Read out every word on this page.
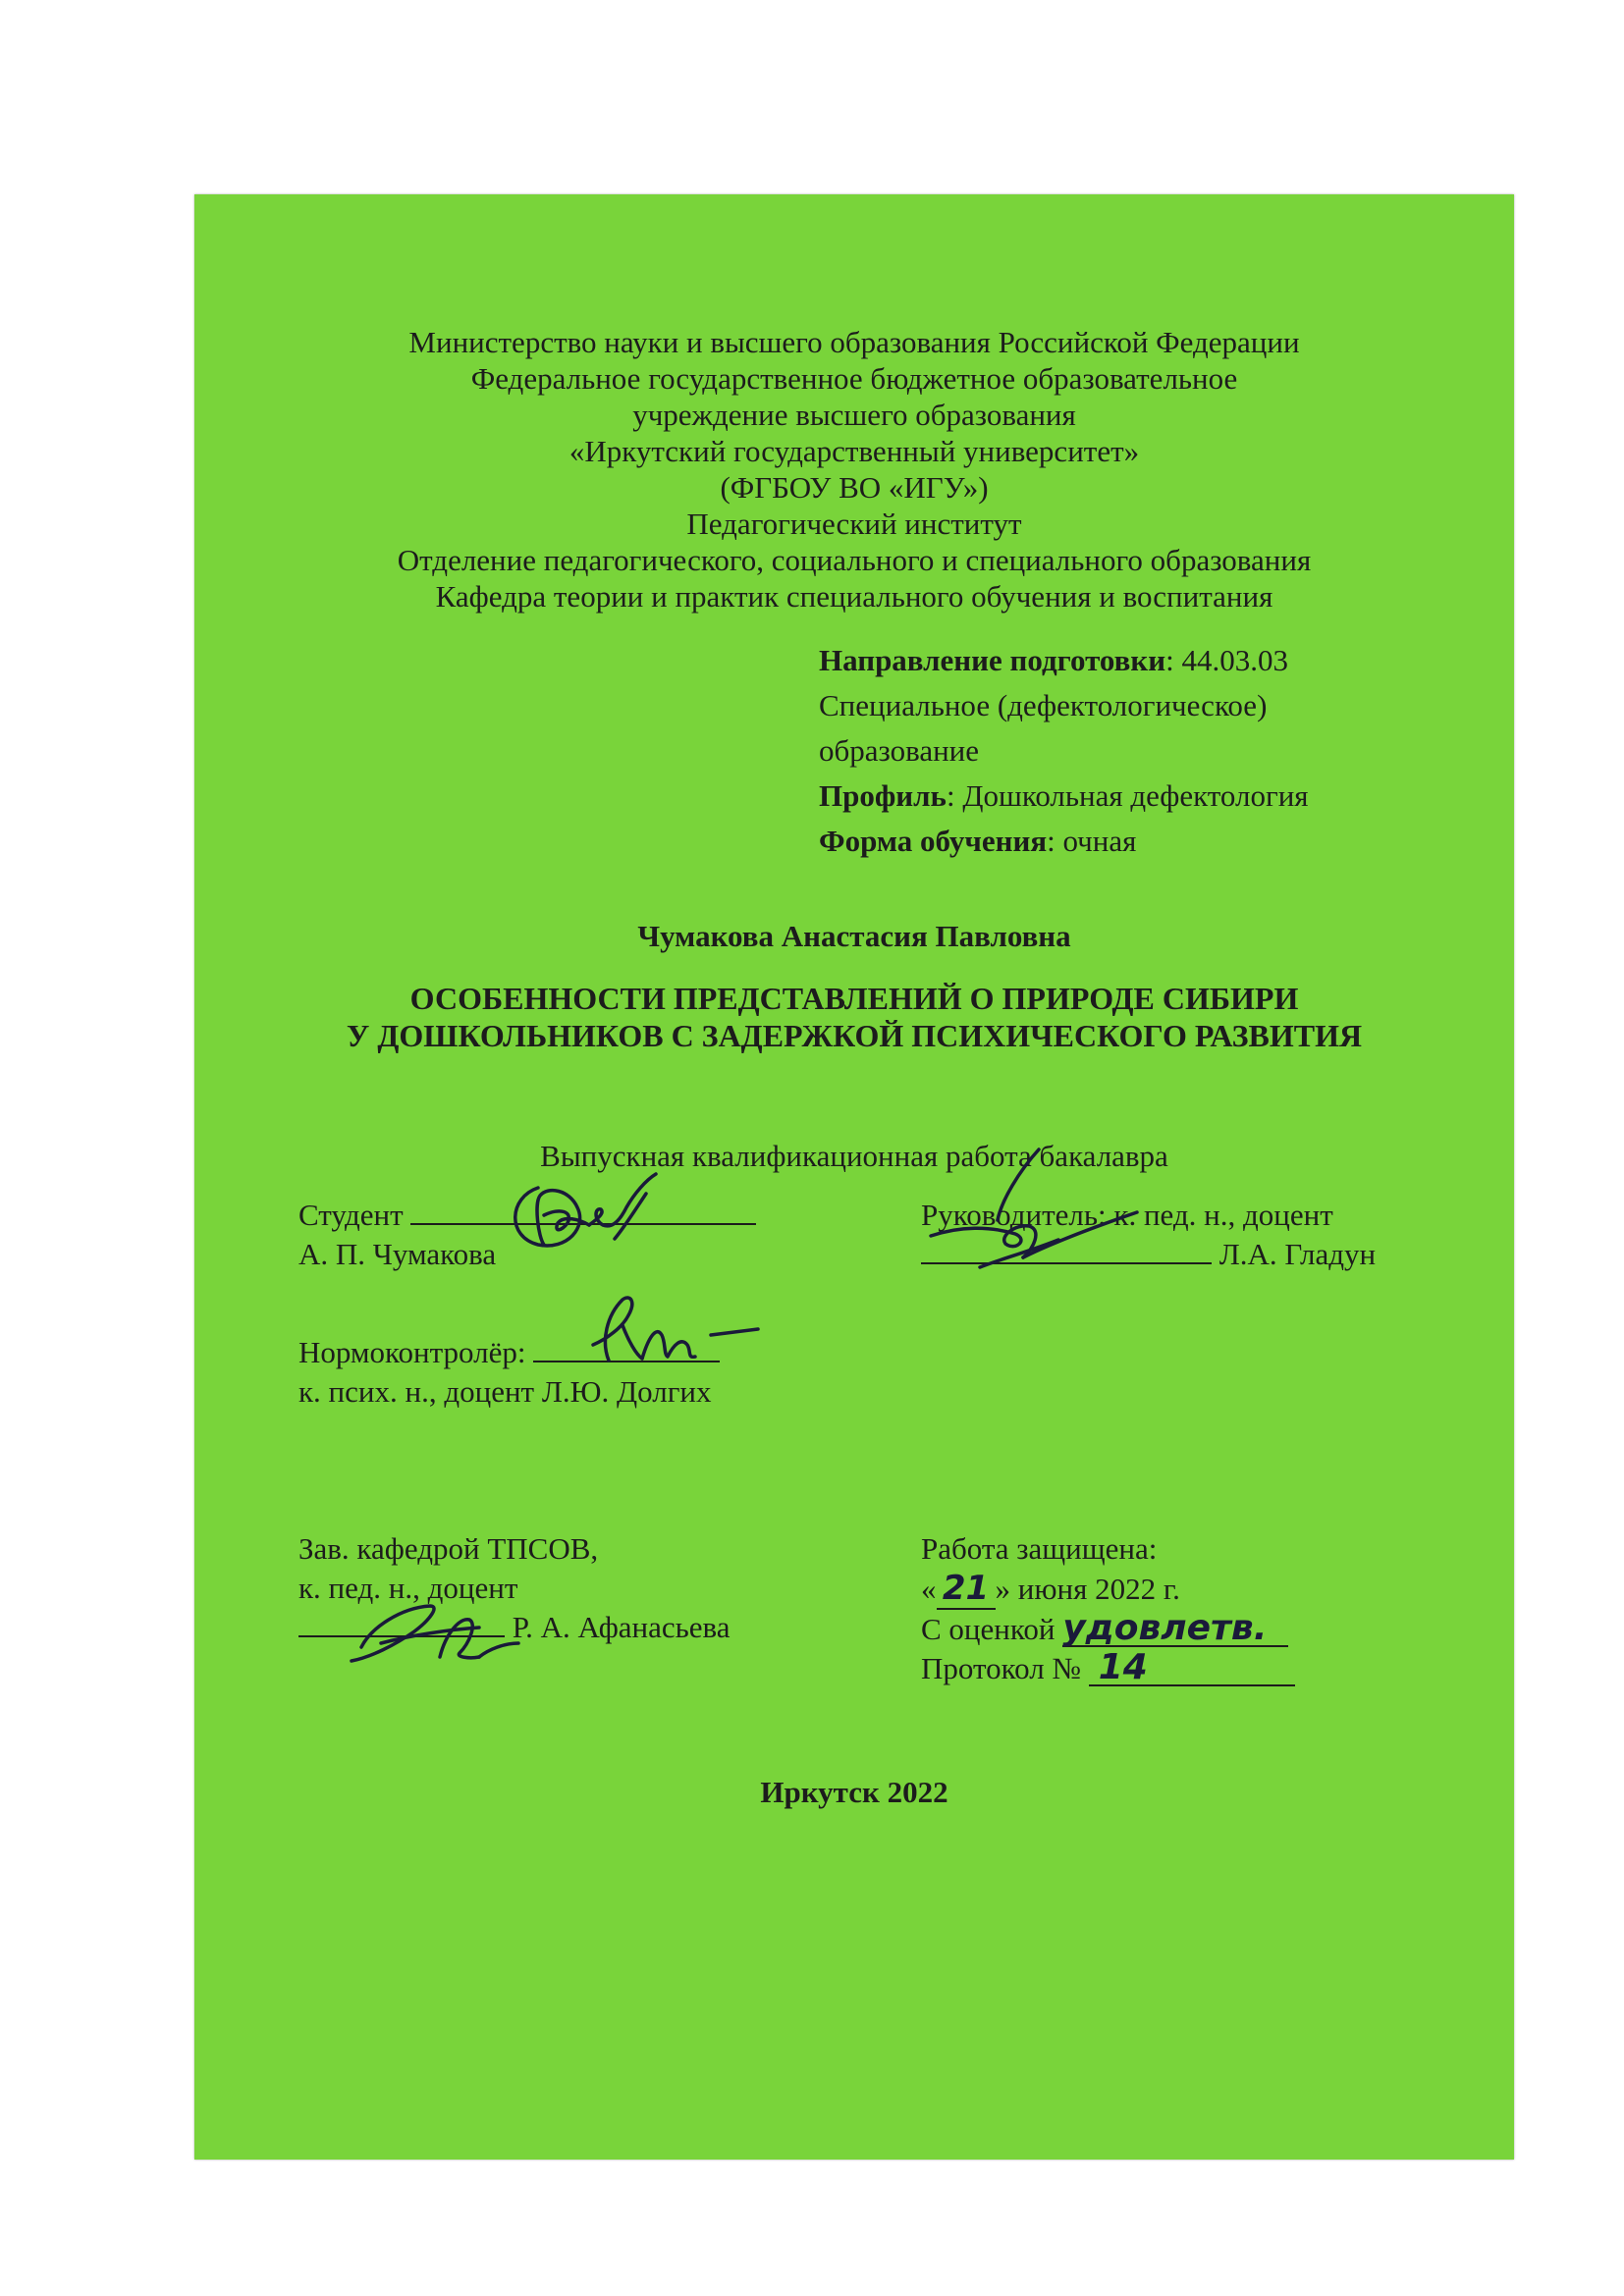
Министерство науки и высшего образования Российской Федерации
Федеральное государственное бюджетное образовательное
учреждение высшего образования
«Иркутский государственный университет»
(ФГБОУ ВО «ИГУ»)
Педагогический институт
Отделение педагогического, социального и специального образования
Кафедра теории и практик специального обучения и воспитания
Направление подготовки: 44.03.03
Специальное (дефектологическое)
образование
Профиль: Дошкольная дефектология
Форма обучения: очная
Чумакова Анастасия Павловна
ОСОБЕННОСТИ ПРЕДСТАВЛЕНИЙ О ПРИРОДЕ СИБИРИ
У ДОШКОЛЬНИКОВ С ЗАДЕРЖКОЙ ПСИХИЧЕСКОГО РАЗВИТИЯ
Выпускная квалификационная работа бакалавра
Студент
А. П. Чумакова
Руководитель: к. пед. н., доцент
Л.А. Гладун
Нормоконтролёр:
к. псих. н., доцент Л.Ю. Долгих
Зав. кафедрой ТПСОВ,
к. пед. н., доцент
Р. А. Афанасьева
Работа защищена:
« 21 » июня 2022 г.
С оценкой удовлетв.
Протокол № 14
Иркутск 2022
